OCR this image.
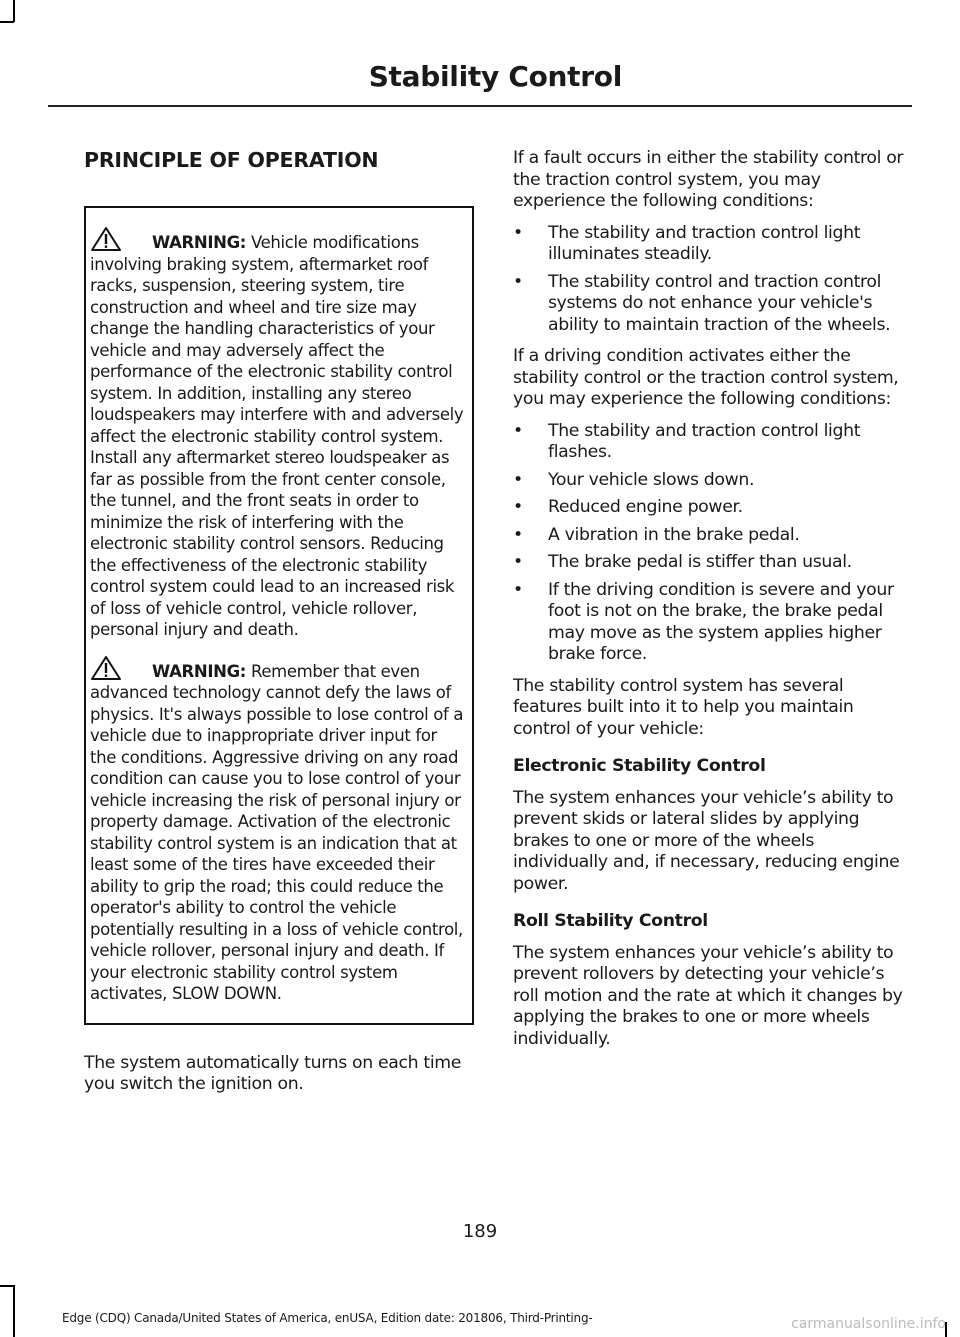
Stability Control
PRINCIPLE OF OPERATION
WARNING: Vehicle modifications involving braking system, aftermarket roof racks, suspension, steering system, tire construction and wheel and tire size may change the handling characteristics of your vehicle and may adversely affect the performance of the electronic stability control system. In addition, installing any stereo loudspeakers may interfere with and adversely affect the electronic stability control system. Install any aftermarket stereo loudspeaker as far as possible from the front center console, the tunnel, and the front seats in order to minimize the risk of interfering with the electronic stability control sensors. Reducing the effectiveness of the electronic stability control system could lead to an increased risk of loss of vehicle control, vehicle rollover, personal injury and death.
WARNING: Remember that even advanced technology cannot defy the laws of physics. It's always possible to lose control of a vehicle due to inappropriate driver input for the conditions. Aggressive driving on any road condition can cause you to lose control of your vehicle increasing the risk of personal injury or property damage. Activation of the electronic stability control system is an indication that at least some of the tires have exceeded their ability to grip the road; this could reduce the operator's ability to control the vehicle potentially resulting in a loss of vehicle control, vehicle rollover, personal injury and death. If your electronic stability control system activates, SLOW DOWN.
The system automatically turns on each time you switch the ignition on.

If a fault occurs in either the stability control or the traction control system, you may experience the following conditions:

• The stability and traction control light illuminates steadily.
• The stability control and traction control systems do not enhance your vehicle's ability to maintain traction of the wheels.

If a driving condition activates either the stability control or the traction control system, you may experience the following conditions:

• The stability and traction control light flashes.
• Your vehicle slows down.
• Reduced engine power.
• A vibration in the brake pedal.
• The brake pedal is stiffer than usual.
• If the driving condition is severe and your foot is not on the brake, the brake pedal may move as the system applies higher brake force.

The stability control system has several features built into it to help you maintain control of your vehicle:

Electronic Stability Control

The system enhances your vehicle’s ability to prevent skids or lateral slides by applying brakes to one or more of the wheels individually and, if necessary, reducing engine power.

Roll Stability Control

The system enhances your vehicle’s ability to prevent rollovers by detecting your vehicle’s roll motion and the rate at which it changes by applying the brakes to one or more wheels individually.

189
Edge (CDQ) Canada/United States of America, enUSA, Edition date: 201806, Third-Printing-	carmanualsonline.info
